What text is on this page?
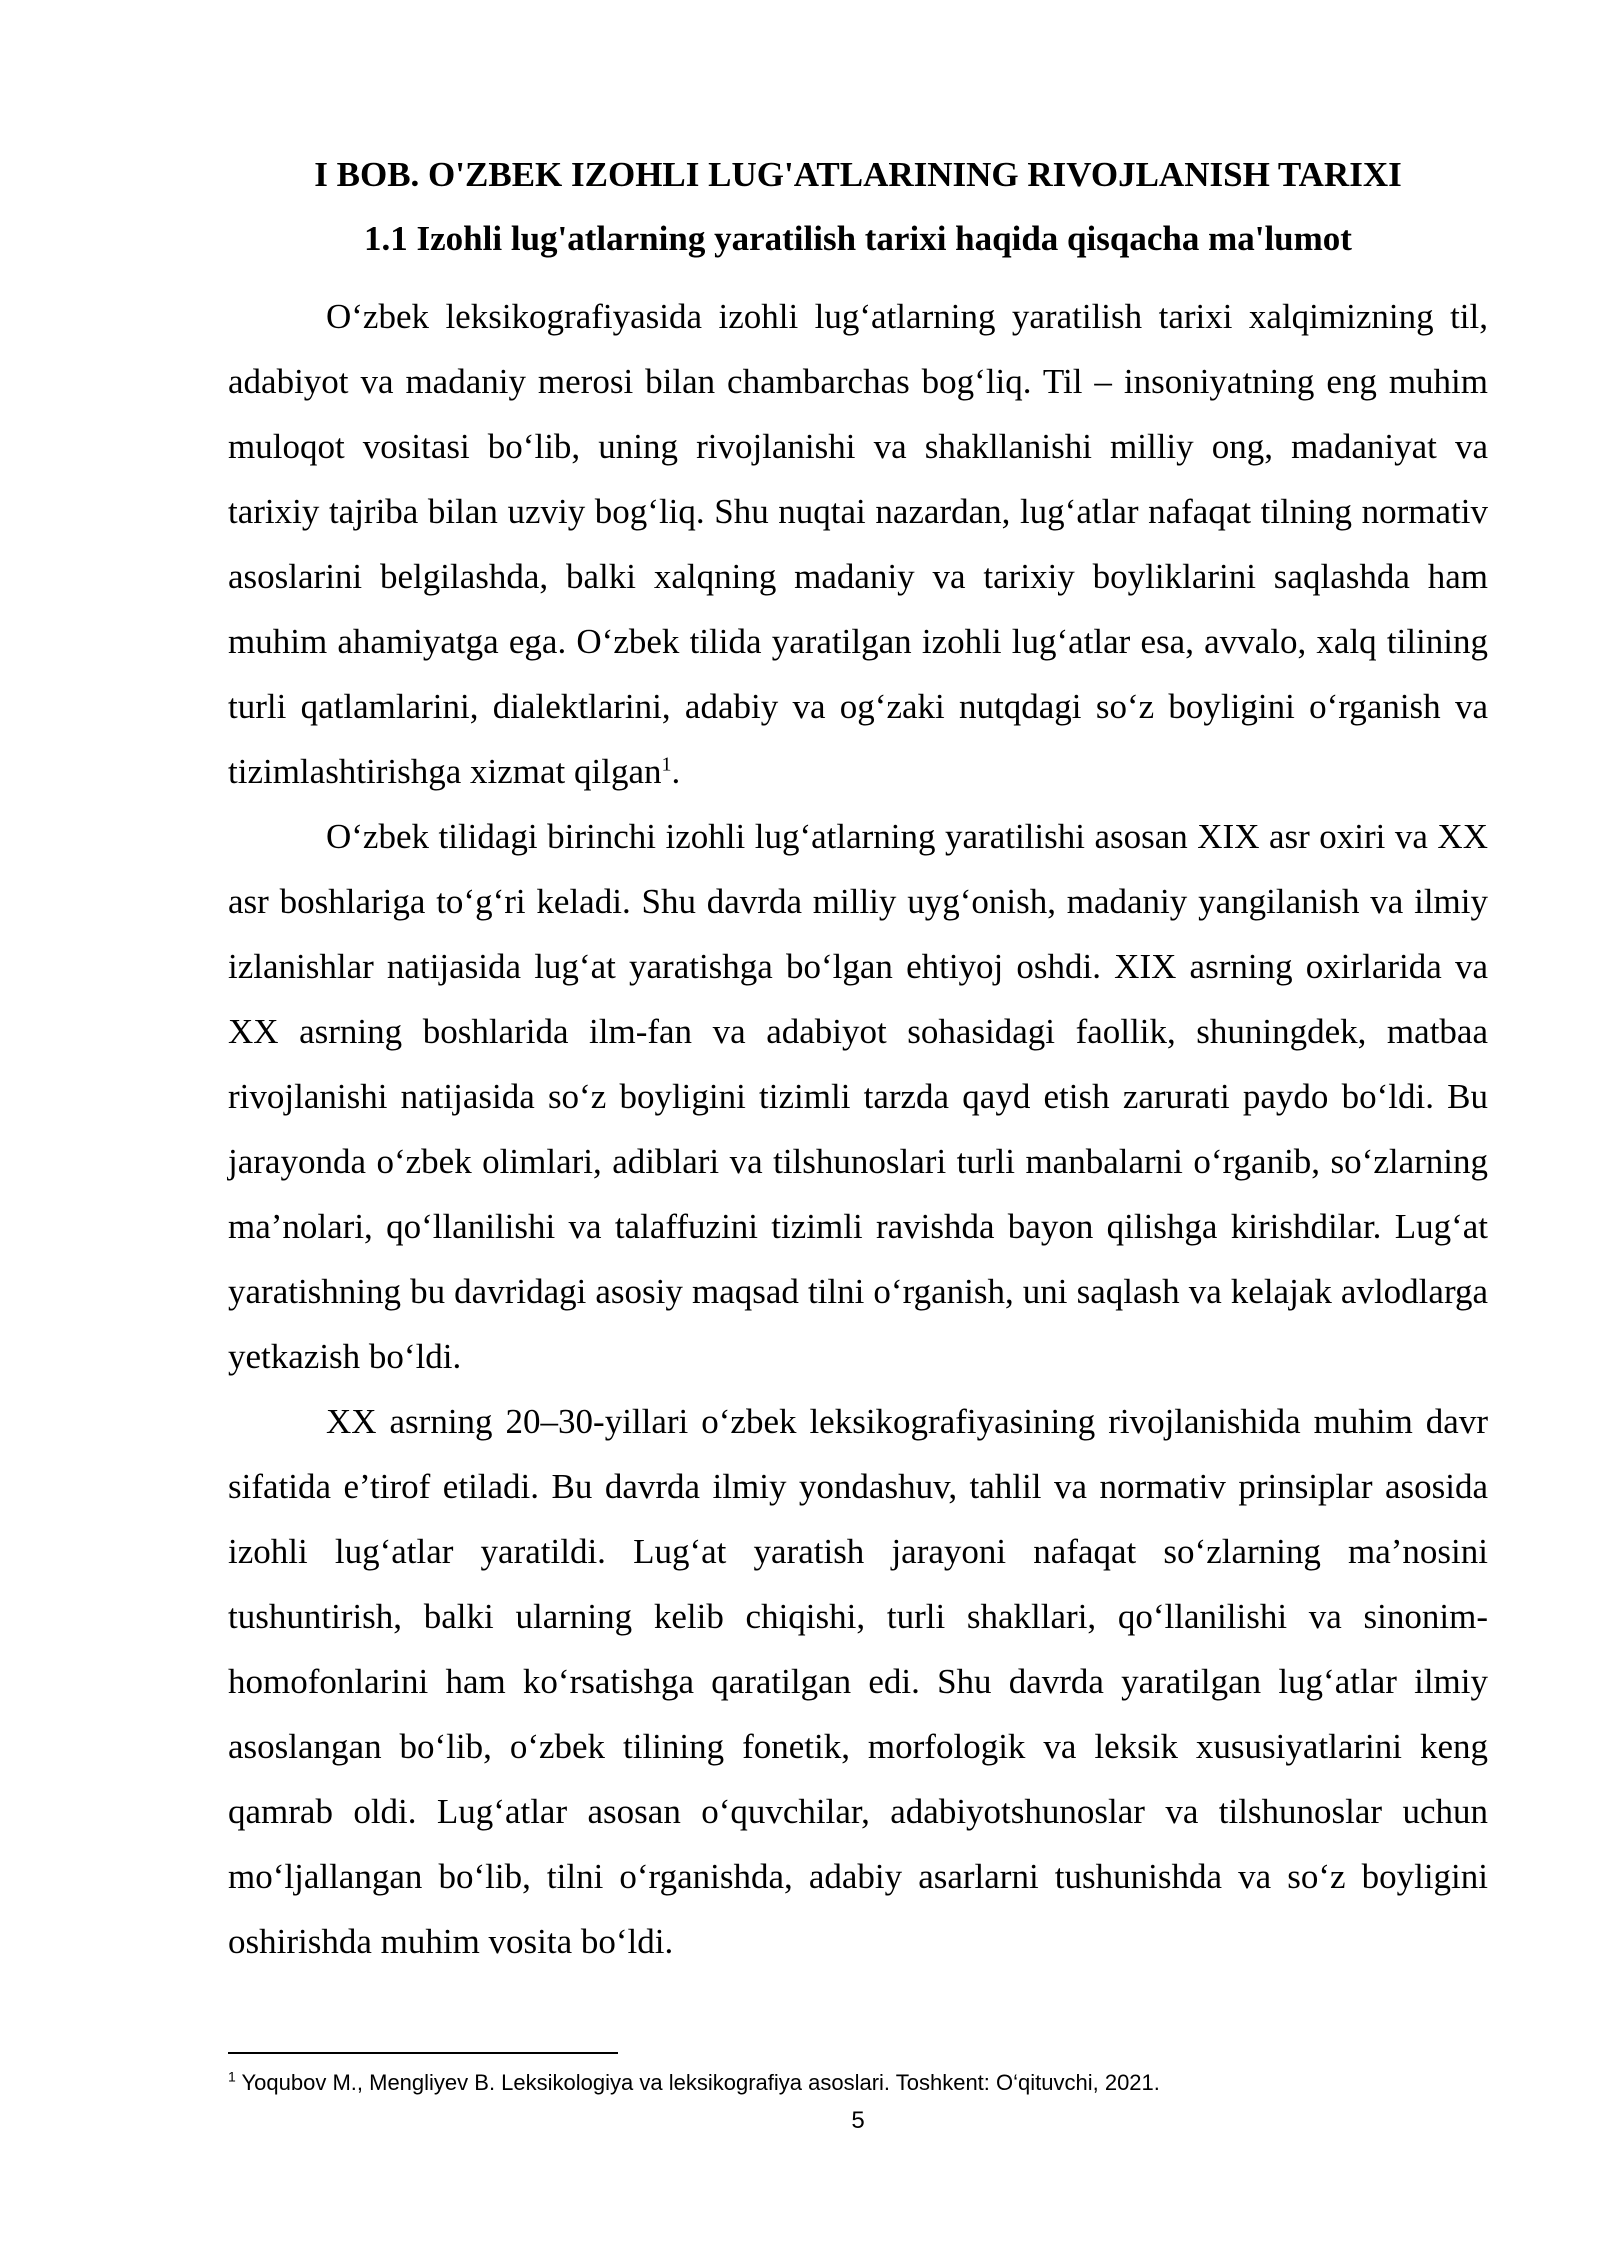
I BOB. O'ZBEK IZOHLI LUG'ATLARINING RIVOJLANISH TARIXI
1.1 Izohli lug'atlarning yaratilish tarixi haqida qisqacha ma'lumot

O‘zbek leksikografiyasida izohli lug‘atlarning yaratilish tarixi xalqimizning til, adabiyot va madaniy merosi bilan chambarchas bog‘liq. Til – insoniyatning eng muhim muloqot vositasi bo‘lib, uning rivojlanishi va shakllanishi milliy ong, madaniyat va tarixiy tajriba bilan uzviy bog‘liq. Shu nuqtai nazardan, lug‘atlar nafaqat tilning normativ asoslarini belgilashda, balki xalqning madaniy va tarixiy boyliklarini saqlashda ham muhim ahamiyatga ega. O‘zbek tilida yaratilgan izohli lug‘atlar esa, avvalo, xalq tilining turli qatlamlarini, dialektlarini, adabiy va og‘zaki nutqdagi so‘z boyligini o‘rganish va tizimlashtirishga xizmat qilgan$^1$.

O‘zbek tilidagi birinchi izohli lug‘atlarning yaratilishi asosan XIX asr oxiri va XX asr boshlariga to‘g‘ri keladi. Shu davrda milliy uyg‘onish, madaniy yangilanish va ilmiy izlanishlar natijasida lug‘at yaratishga bo‘lgan ehtiyoj oshdi. XIX asrning oxirlarida va XX asrning boshlarida ilm-fan va adabiyot sohasidagi faollik, shuningdek, matbaa rivojlanishi natijasida so‘z boyligini tizimli tarzda qayd etish zarurati paydo bo‘ldi. Bu jarayonda o‘zbek olimlari, adiblari va tilshunoslari turli manbalarni o‘rganib, so‘zlarning ma’nolari, qo‘llanilishi va talaffuzini tizimli ravishda bayon qilishga kirishdilar. Lug‘at yaratishning bu davridagi asosiy maqsad tilni o‘rganish, uni saqlash va kelajak avlodlarga yetkazish bo‘ldi.

XX asrning 20–30-yillari o‘zbek leksikografiyasining rivojlanishida muhim davr sifatida e’tirof etiladi. Bu davrda ilmiy yondashuv, tahlil va normativ prinsiplar asosida izohli lug‘atlar yaratildi. Lug‘at yaratish jarayoni nafaqat so‘zlarning ma’nosini tushuntirish, balki ularning kelib chiqishi, turli shakllari, qo‘llanilishi va sinonim-homofonlarini ham ko‘rsatishga qaratilgan edi. Shu davrda yaratilgan lug‘atlar ilmiy asoslangan bo‘lib, o‘zbek tilining fonetik, morfologik va leksik xususiyatlarini keng qamrab oldi. Lug‘atlar asosan o‘quvchilar, adabiyotshunoslar va tilshunoslar uchun mo‘ljallangan bo‘lib, tilni o‘rganishda, adabiy asarlarni tushunishda va so‘z boyligini oshirishda muhim vosita bo‘ldi.

$^1$ Yoqubov M., Mengliyev B. Leksikologiya va leksikografiya asoslari. Toshkent: O‘qituvchi, 2021.

5
